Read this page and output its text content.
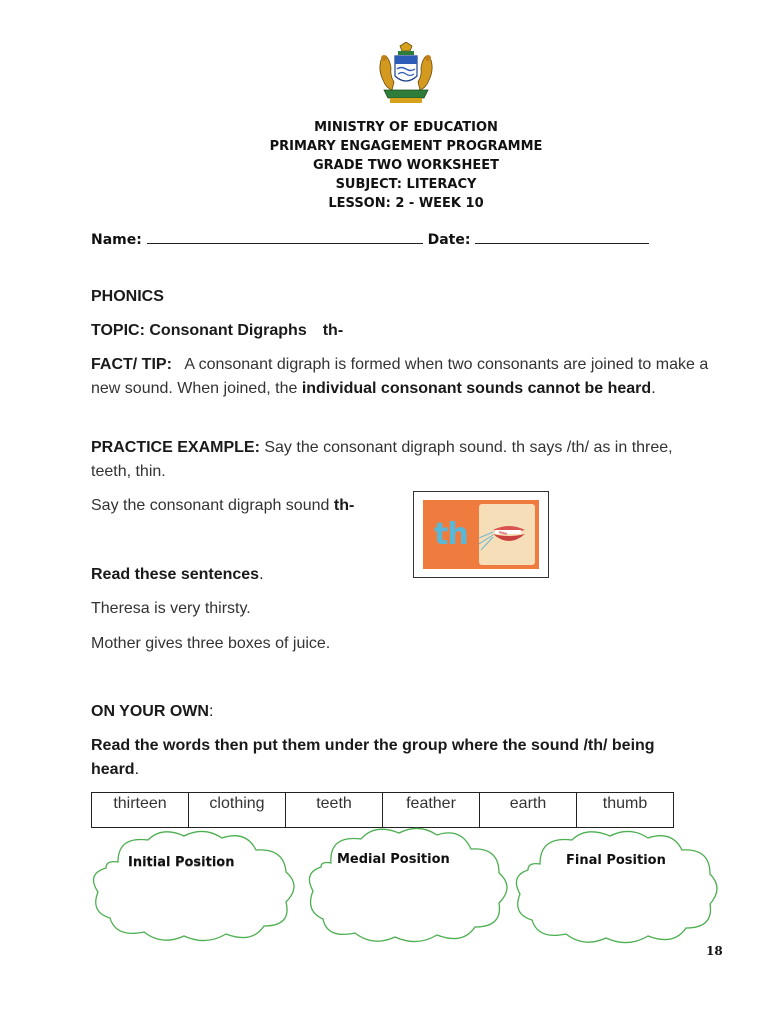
MINISTRY OF EDUCATION
PRIMARY ENGAGEMENT PROGRAMME
GRADE TWO WORKSHEET
SUBJECT: LITERACY
LESSON: 2 - WEEK 10
Name:	Date:
PHONICS
TOPIC: Consonant Digraphs th-
FACT/ TIP: A consonant digraph is formed when two consonants are joined to make a new sound. When joined, the individual consonant sounds cannot be heard.
PRACTICE EXAMPLE: Say the consonant digraph sound. th says /th/ as in three, teeth, thin.
Say the consonant digraph sound th-
th
Read these sentences.
Theresa is very thirsty.
Mother gives three boxes of juice.
ON YOUR OWN:
Read the words then put them under the group where the sound /th/ being heard.
thirteen	clothing	teeth	feather	earth	thumb
Initial Position	Medial Position	Final Position
18
